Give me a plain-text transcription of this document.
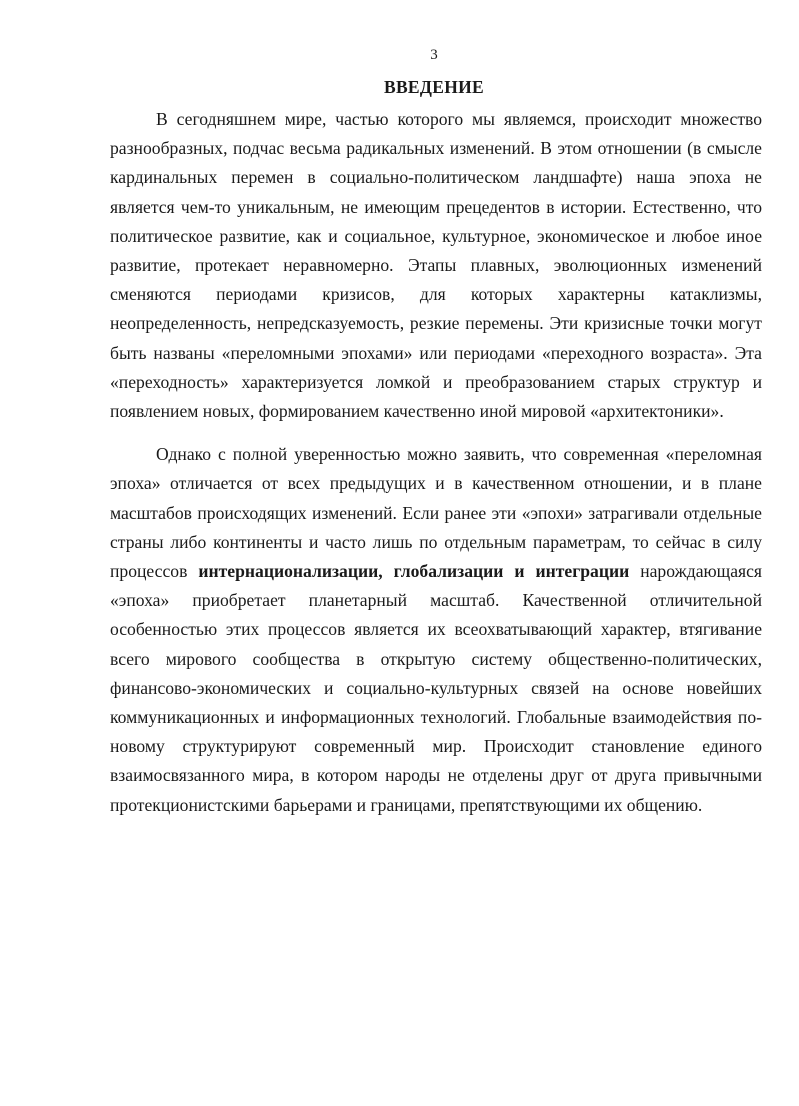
3
ВВЕДЕНИЕ

В сегодняшнем мире, частью которого мы являемся, происходит множество разнообразных, подчас весьма радикальных изменений. В этом отношении (в смысле кардинальных перемен в социально-политическом ландшафте) наша эпоха не является чем-то уникальным, не имеющим прецедентов в истории. Естественно, что политическое развитие, как и социальное, культурное, экономическое и любое иное развитие, протекает неравномерно. Этапы плавных, эволюционных изменений сменяются периодами кризисов, для которых характерны катаклизмы, неопределенность, непредсказуемость, резкие перемены. Эти кризисные точки могут быть названы «переломными эпохами» или периодами «переходного возраста». Эта «переходность» характеризуется ломкой и преобразованием старых структур и появлением новых, формированием качественно иной мировой «архитектоники».

Однако с полной уверенностью можно заявить, что современная «переломная эпоха» отличается от всех предыдущих и в качественном отношении, и в плане масштабов происходящих изменений. Если ранее эти «эпохи» затрагивали отдельные страны либо континенты и часто лишь по отдельным параметрам, то сейчас в силу процессов интернационализации, глобализации и интеграции нарождающаяся «эпоха» приобретает планетарный масштаб. Качественной отличительной особенностью этих процессов является их всеохватывающий характер, втягивание всего мирового сообщества в открытую систему общественно-политических, финансово-экономических и социально-культурных связей на основе новейших коммуникационных и информационных технологий. Глобальные взаимодействия по-новому структурируют современный мир. Происходит становление единого взаимосвязанного мира, в котором народы не отделены друг от друга привычными протекционистскими барьерами и границами, препятствующими их общению.
